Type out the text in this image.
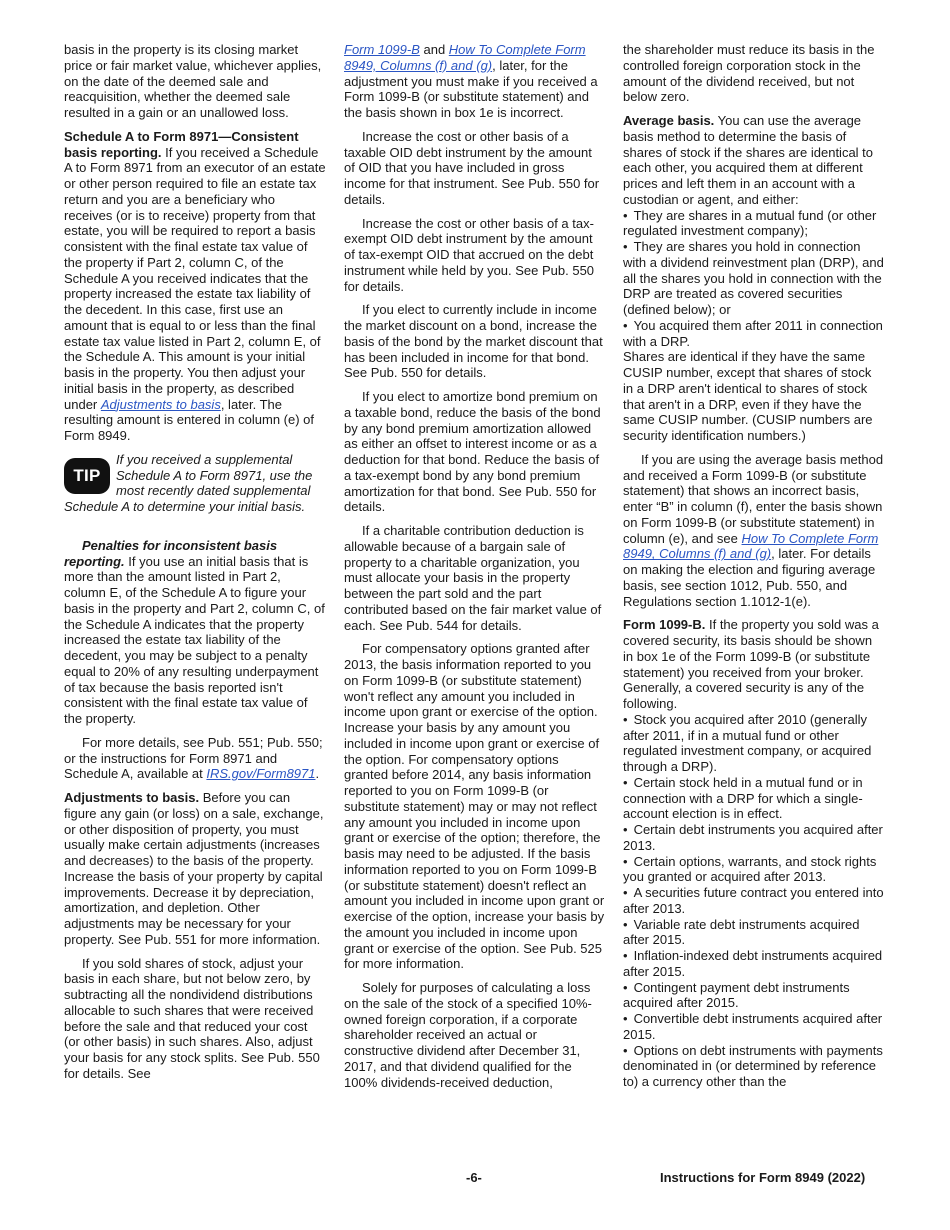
basis in the property is its closing market price or fair market value, whichever applies, on the date of the deemed sale and reacquisition, whether the deemed sale resulted in a gain or an unallowed loss.

Schedule A to Form 8971—Consistent basis reporting. If you received a Schedule A to Form 8971 from an executor of an estate or other person required to file an estate tax return and you are a beneficiary who receives (or is to receive) property from that estate, you will be required to report a basis consistent with the final estate tax value of the property if Part 2, column C, of the Schedule A you received indicates that the property increased the estate tax liability of the decedent. In this case, first use an amount that is equal to or less than the final estate tax value listed in Part 2, column E, of the Schedule A. This amount is your initial basis in the property. You then adjust your initial basis in the property, as described under Adjustments to basis, later. The resulting amount is entered in column (e) of Form 8949.

TIP
If you received a supplemental Schedule A to Form 8971, use the most recently dated supplemental Schedule A to determine your initial basis.

Penalties for inconsistent basis reporting. If you use an initial basis that is more than the amount listed in Part 2, column E, of the Schedule A to figure your basis in the property and Part 2, column C, of the Schedule A indicates that the property increased the estate tax liability of the decedent, you may be subject to a penalty equal to 20% of any resulting underpayment of tax because the basis reported isn't consistent with the final estate tax value of the property.

For more details, see Pub. 551; Pub. 550; or the instructions for Form 8971 and Schedule A, available at IRS.gov/Form8971.

Adjustments to basis. Before you can figure any gain (or loss) on a sale, exchange, or other disposition of property, you must usually make certain adjustments (increases and decreases) to the basis of the property. Increase the basis of your property by capital improvements. Decrease it by depreciation, amortization, and depletion. Other adjustments may be necessary for your property. See Pub. 551 for more information.

If you sold shares of stock, adjust your basis in each share, but not below zero, by subtracting all the nondividend distributions allocable to such shares that were received before the sale and that reduced your cost (or other basis) in such shares. Also, adjust your basis for any stock splits. See Pub. 550 for details. See

Form 1099-B and How To Complete Form 8949, Columns (f) and (g), later, for the adjustment you must make if you received a Form 1099-B (or substitute statement) and the basis shown in box 1e is incorrect.

Increase the cost or other basis of a taxable OID debt instrument by the amount of OID that you have included in gross income for that instrument. See Pub. 550 for details.

Increase the cost or other basis of a tax-exempt OID debt instrument by the amount of tax-exempt OID that accrued on the debt instrument while held by you. See Pub. 550 for details.

If you elect to currently include in income the market discount on a bond, increase the basis of the bond by the market discount that has been included in income for that bond. See Pub. 550 for details.

If you elect to amortize bond premium on a taxable bond, reduce the basis of the bond by any bond premium amortization allowed as either an offset to interest income or as a deduction for that bond. Reduce the basis of a tax-exempt bond by any bond premium amortization for that bond. See Pub. 550 for details.

If a charitable contribution deduction is allowable because of a bargain sale of property to a charitable organization, you must allocate your basis in the property between the part sold and the part contributed based on the fair market value of each. See Pub. 544 for details.

For compensatory options granted after 2013, the basis information reported to you on Form 1099-B (or substitute statement) won't reflect any amount you included in income upon grant or exercise of the option. Increase your basis by any amount you included in income upon grant or exercise of the option. For compensatory options granted before 2014, any basis information reported to you on Form 1099-B (or substitute statement) may or may not reflect any amount you included in income upon grant or exercise of the option; therefore, the basis may need to be adjusted. If the basis information reported to you on Form 1099-B (or substitute statement) doesn't reflect an amount you included in income upon grant or exercise of the option, increase your basis by the amount you included in income upon grant or exercise of the option. See Pub. 525 for more information.

Solely for purposes of calculating a loss on the sale of the stock of a specified 10%-owned foreign corporation, if a corporate shareholder received an actual or constructive dividend after December 31, 2017, and that dividend qualified for the 100% dividends-received deduction,

the shareholder must reduce its basis in the controlled foreign corporation stock in the amount of the dividend received, but not below zero.

Average basis. You can use the average basis method to determine the basis of shares of stock if the shares are identical to each other, you acquired them at different prices and left them in an account with a custodian or agent, and either:
• They are shares in a mutual fund (or other regulated investment company);
• They are shares you hold in connection with a dividend reinvestment plan (DRP), and all the shares you hold in connection with the DRP are treated as covered securities (defined below); or
• You acquired them after 2011 in connection with a DRP.
Shares are identical if they have the same CUSIP number, except that shares of stock in a DRP aren't identical to shares of stock that aren't in a DRP, even if they have the same CUSIP number. (CUSIP numbers are security identification numbers.)

If you are using the average basis method and received a Form 1099-B (or substitute statement) that shows an incorrect basis, enter “B” in column (f), enter the basis shown on Form 1099-B (or substitute statement) in column (e), and see How To Complete Form 8949, Columns (f) and (g), later. For details on making the election and figuring average basis, see section 1012, Pub. 550, and Regulations section 1.1012-1(e).

Form 1099-B. If the property you sold was a covered security, its basis should be shown in box 1e of the Form 1099-B (or substitute statement) you received from your broker. Generally, a covered security is any of the following.
• Stock you acquired after 2010 (generally after 2011, if in a mutual fund or other regulated investment company, or acquired through a DRP).
• Certain stock held in a mutual fund or in connection with a DRP for which a single-account election is in effect.
• Certain debt instruments you acquired after 2013.
• Certain options, warrants, and stock rights you granted or acquired after 2013.
• A securities future contract you entered into after 2013.
• Variable rate debt instruments acquired after 2015.
• Inflation-indexed debt instruments acquired after 2015.
• Contingent payment debt instruments acquired after 2015.
• Convertible debt instruments acquired after 2015.
• Options on debt instruments with payments denominated in (or determined by reference to) a currency other than the
-6-	Instructions for Form 8949 (2022)
